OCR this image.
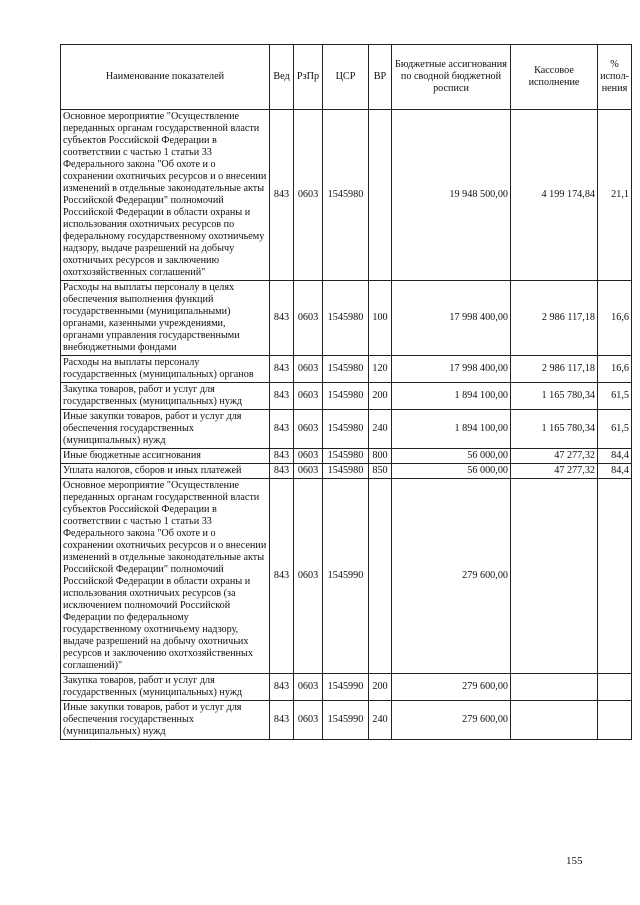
Наименование показателей	Вед	РзПр	ЦСР	ВР	Бюджетные ассигнования по сводной бюджетной росписи	Кассовое исполнение	% испол-нения
Основное мероприятие "Осуществление переданных органам государственной власти субъектов Российской Федерации в соответствии с частью 1 статьи 33 Федерального закона "Об охоте и о сохранении охотничьих ресурсов и о внесении изменений в отдельные законодательные акты Российской Федерации" полномочий Российской Федерации в области охраны и использования охотничьих ресурсов по федеральному государственному охотничьему надзору, выдаче разрешений на добычу охотничьих ресурсов и заключению охотхозяйственных соглашений"	843	0603	1545980		19 948 500,00	4 199 174,84	21,1
Расходы на выплаты персоналу в целях обеспечения выполнения функций государственными (муниципальными) органами, казенными учреждениями, органами управления государственными внебюджетными фондами	843	0603	1545980	100	17 998 400,00	2 986 117,18	16,6
Расходы на выплаты персоналу государственных (муниципальных) органов	843	0603	1545980	120	17 998 400,00	2 986 117,18	16,6
Закупка товаров, работ и услуг для государственных (муниципальных) нужд	843	0603	1545980	200	1 894 100,00	1 165 780,34	61,5
Иные закупки товаров, работ и услуг для обеспечения государственных (муниципальных) нужд	843	0603	1545980	240	1 894 100,00	1 165 780,34	61,5
Иные бюджетные ассигнования	843	0603	1545980	800	56 000,00	47 277,32	84,4
Уплата налогов, сборов и иных платежей	843	0603	1545980	850	56 000,00	47 277,32	84,4
Основное мероприятие "Осуществление переданных органам государственной власти субъектов Российской Федерации в соответствии с частью 1 статьи 33 Федерального закона "Об охоте и о сохранении охотничьих ресурсов и о внесении изменений в отдельные законодательные акты Российской Федерации" полномочий Российской Федерации в области охраны и использования охотничьих ресурсов (за исключением полномочий Российской Федерации по федеральному государственному охотничьему надзору, выдаче разрешений на добычу охотничьих ресурсов и заключению охотхозяйственных соглашений)"	843	0603	1545990		279 600,00		
Закупка товаров, работ и услуг для государственных (муниципальных) нужд	843	0603	1545990	200	279 600,00		
Иные закупки товаров, работ и услуг для обеспечения государственных (муниципальных) нужд	843	0603	1545990	240	279 600,00		
155
